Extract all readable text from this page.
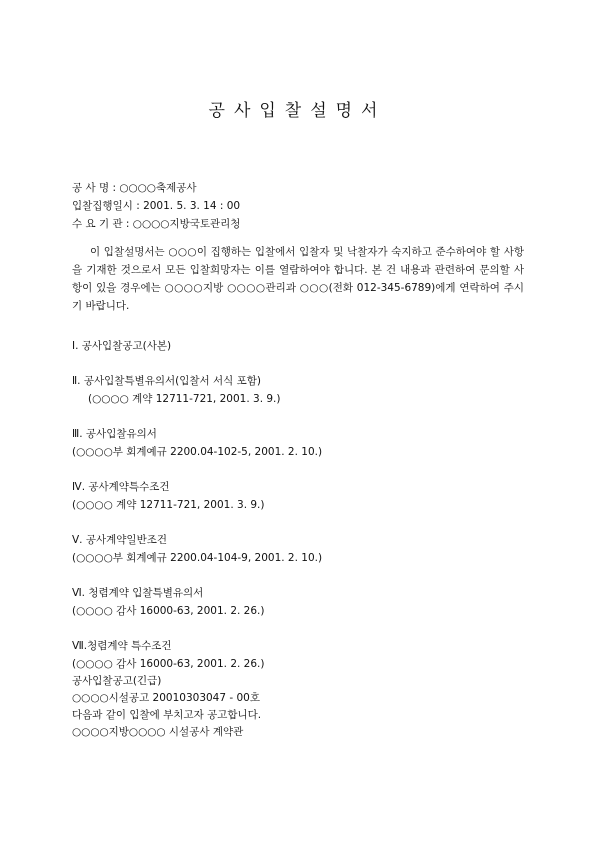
공사입찰설명서
공 사 명 : ○○○○축제공사
입찰집행일시 : 2001. 5. 3. 14 : 00
수 요 기 관 : ○○○○지방국토관리청
이 입찰설명서는 ○○○이 집행하는 입찰에서 입찰자 및 낙찰자가 숙지하고 준수하여야 할 사항을 기재한 것으로서 모든 입찰희망자는 이를 열람하여야 합니다. 본 건 내용과 관련하여 문의할 사항이 있을 경우에는 ○○○○지방 ○○○○관리과 ○○○(전화 012-345-6789)에게 연락하여 주시기 바랍니다.
Ⅰ. 공사입찰공고(사본)
Ⅱ. 공사입찰특별유의서(입찰서 서식 포함)
(○○○○ 계약 12711-721, 2001. 3. 9.)
Ⅲ. 공사입찰유의서
(○○○○부 회계예규 2200.04-102-5, 2001. 2. 10.)
Ⅳ. 공사계약특수조건
(○○○○ 계약 12711-721, 2001. 3. 9.)
Ⅴ. 공사계약일반조건
(○○○○부 회계예규 2200.04-104-9, 2001. 2. 10.)
Ⅵ. 청렴계약 입찰특별유의서
(○○○○ 감사 16000-63, 2001. 2. 26.)
Ⅶ.청렴계약 특수조건
(○○○○ 감사 16000-63, 2001. 2. 26.)
공사입찰공고(긴급)
○○○○시설공고 20010303047 - 00호
다음과 같이 입찰에 부치고자 공고합니다.
○○○○지방○○○○ 시설공사 계약관
